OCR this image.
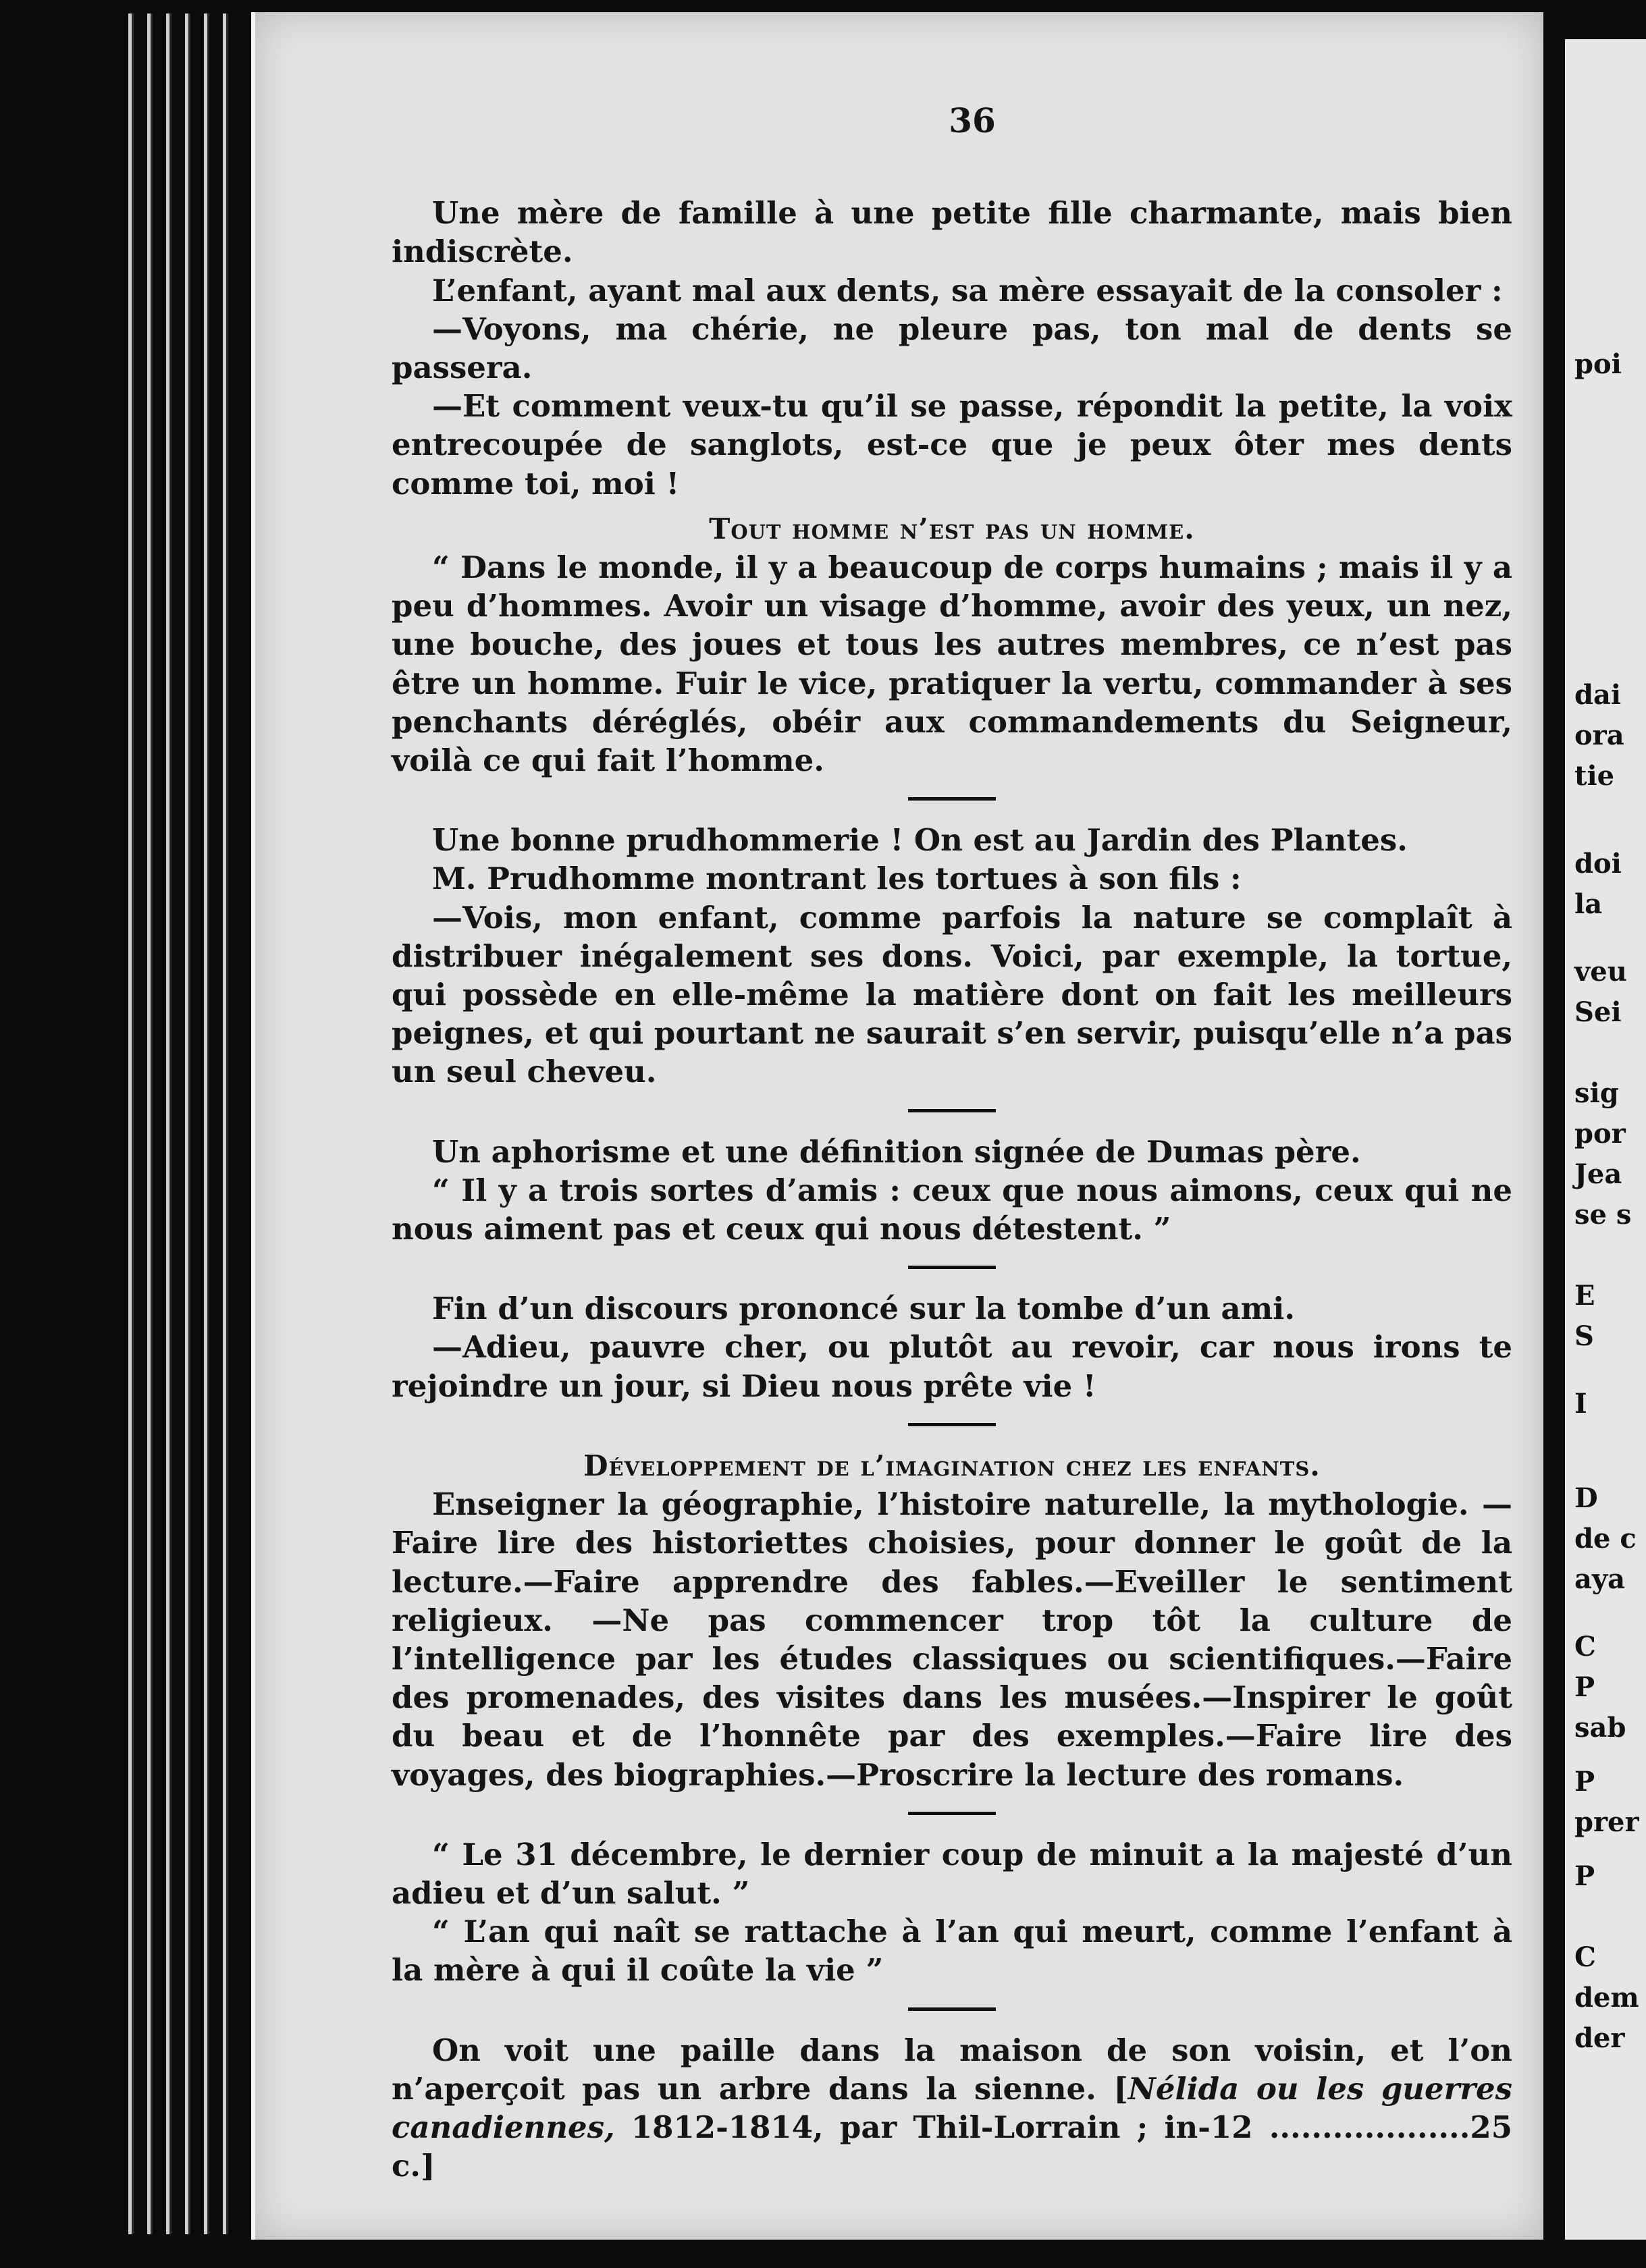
poi
dai
ora
tie
doi
la
veu
Sei
sig
por
Jea
se s
E
S
I
D
de c
aya
C
P
sab
P
prer
P
C
dem
der
36

Une mère de famille à une petite fille charmante, mais bien indiscrète.

L’enfant, ayant mal aux dents, sa mère essayait de la consoler :

—Voyons, ma chérie, ne pleure pas, ton mal de dents se passera.

—Et comment veux-tu qu’il se passe, répondit la petite, la voix entrecoupée de sanglots, est-ce que je peux ôter mes dents comme toi, moi !

Tout homme n’est pas un homme.

“ Dans le monde, il y a beaucoup de corps humains ; mais il y a peu d’hommes. Avoir un visage d’homme, avoir des yeux, un nez, une bouche, des joues et tous les autres membres, ce n’est pas être un homme. Fuir le vice, pratiquer la vertu, commander à ses penchants déréglés, obéir aux commandements du Seigneur, voilà ce qui fait l’homme.

Une bonne prudhommerie ! On est au Jardin des Plantes.

M. Prudhomme montrant les tortues à son fils :

—Vois, mon enfant, comme parfois la nature se complaît à distribuer inégalement ses dons. Voici, par exemple, la tortue, qui possède en elle-même la matière dont on fait les meilleurs peignes, et qui pourtant ne saurait s’en servir, puisqu’elle n’a pas un seul cheveu.

Un aphorisme et une définition signée de Dumas père.

“ Il y a trois sortes d’amis : ceux que nous aimons, ceux qui ne nous aiment pas et ceux qui nous détestent. ”

Fin d’un discours prononcé sur la tombe d’un ami.

—Adieu, pauvre cher, ou plutôt au revoir, car nous irons te rejoindre un jour, si Dieu nous prête vie !

Développement de l’imagination chez les enfants.

Enseigner la géographie, l’histoire naturelle, la mythologie. —Faire lire des historiettes choisies, pour donner le goût de la lecture.—Faire apprendre des fables.—Eveiller le sentiment religieux. —Ne pas commencer trop tôt la culture de l’intelligence par les études classiques ou scientifiques.—Faire des promenades, des visites dans les musées.—Inspirer le goût du beau et de l’honnête par des exemples.—Faire lire des voyages, des biographies.—Proscrire la lecture des romans.

“ Le 31 décembre, le dernier coup de minuit a la majesté d’un adieu et d’un salut. ”

“ L’an qui naît se rattache à l’an qui meurt, comme l’enfant à la mère à qui il coûte la vie ”

On voit une paille dans la maison de son voisin, et l’on n’aperçoit pas un arbre dans la sienne. [Nélida ou les guerres canadiennes, 1812-1814, par Thil-Lorrain ; in-12 ...................25 c.]
